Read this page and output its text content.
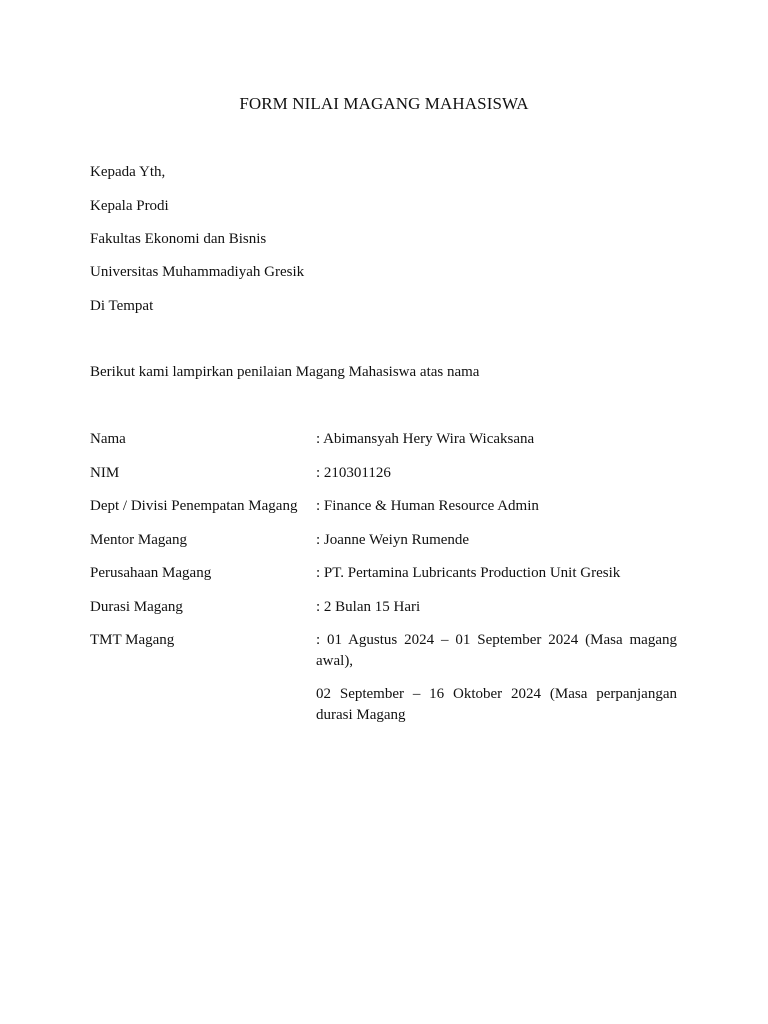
FORM NILAI MAGANG MAHASISWA
Kepada Yth,
Kepala Prodi
Fakultas Ekonomi dan Bisnis
Universitas Muhammadiyah Gresik
Di Tempat
Berikut kami lampirkan penilaian Magang Mahasiswa atas nama
Nama	: Abimansyah Hery Wira Wicaksana
NIM	: 210301126
Dept / Divisi Penempatan Magang : Finance & Human Resource Admin
Mentor Magang	: Joanne Weiyn Rumende
Perusahaan Magang	: PT. Pertamina Lubricants Production Unit Gresik
Durasi Magang	: 2 Bulan 15 Hari
TMT Magang	: 01 Agustus 2024 – 01 September 2024 (Masa magang awal),
02 September – 16 Oktober 2024 (Masa perpanjangan durasi Magang
